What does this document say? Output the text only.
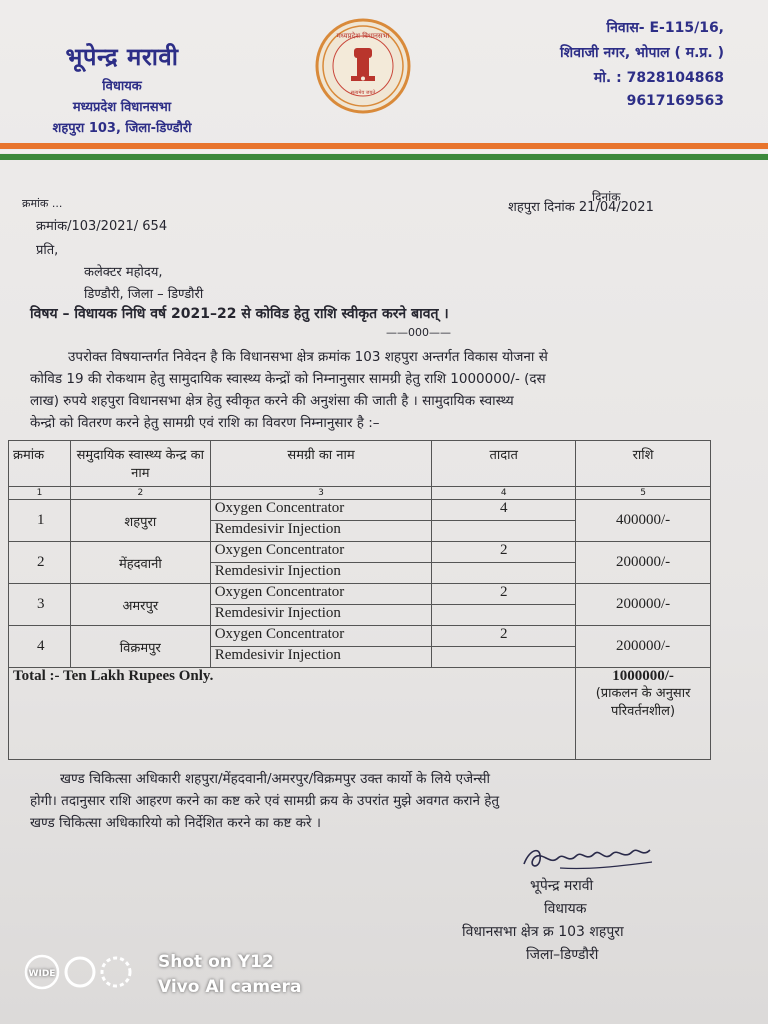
भूपेन्द्र मरावी
विधायक
मध्यप्रदेश विधानसभा
शहपुरा 103, जिला-डिण्डौरी
मध्यप्रदेश विधानसभा
सत्यमेव जयते
निवास- E-115/16,
शिवाजी नगर, भोपाल ( म.प्र. )
मो. : 7828104868
9617169563
क्रमांक ...
क्रमांक/103/2021/ 654
दिनांक
शहपुरा दिनांक 21/04/2021
प्रति,
कलेक्टर महोदय,
डिण्डौरी, जिला – डिण्डौरी
विषय – विधायक निधि वर्ष 2021–22 से कोविड हेतु राशि स्वीकृत करने बावत् ।
——000——
उपरोक्त विषयान्तर्गत निवेदन है कि विधानसभा क्षेत्र क्रमांक 103 शहपुरा अन्तर्गत विकास योजना से
कोविड 19 की रोकथाम हेतु सामुदायिक स्वास्थ्य केन्द्रों को निम्नानुसार सामग्री हेतु राशि 1000000/- (दस
लाख) रुपये शहपुरा विधानसभा क्षेत्र हेतु स्वीकृत करने की अनुशंसा की जाती है । सामुदायिक स्वास्थ्य
केन्द्रो को वितरण करने हेतु सामग्री एवं राशि का विवरण निम्नानुसार है :–
क्रमांक	समुदायिक स्वास्थ्य केन्द्र का नाम	समग्री का नाम	तादात	राशि
1	2	3	4	5
1	शहपुरा	Oxygen Concentrator	4	400000/-
		Remdesivir Injection		
2	मेंहदवानी	Oxygen Concentrator	2	200000/-
		Remdesivir Injection		
3	अमरपुर	Oxygen Concentrator	2	200000/-
		Remdesivir Injection		
4	विक्रमपुर	Oxygen Concentrator	2	200000/-
		Remdesivir Injection		
Total :- Ten Lakh Rupees Only.				1000000/-
(प्राकलन के अनुसार परिवर्तनशील)
खण्ड चिकित्सा अधिकारी शहपुरा/मेंहदवानी/अमरपुर/विक्रमपुर उक्त कार्यो के लिये एजेन्सी
होगी। तदानुसार राशि आहरण करने का कष्ट करे एवं सामग्री क्रय के उपरांत मुझे अवगत कराने हेतु
खण्ड चिकित्सा अधिकारियो को निर्देशित करने का कष्ट करे ।
भूपेन्द्र मरावी
विधायक
विधानसभा क्षेत्र क्र 103 शहपुरा
जिला–डिण्डौरी
WIDE
Shot on Y12
Vivo AI camera
